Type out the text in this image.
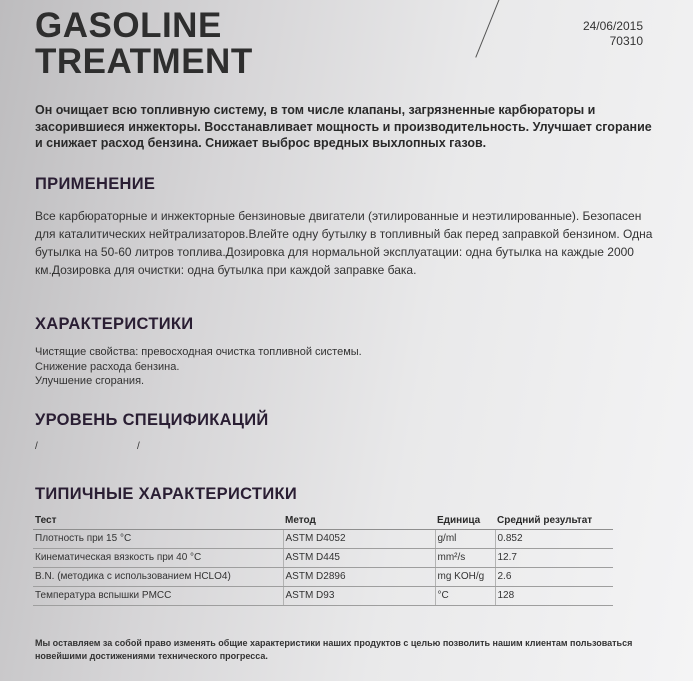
GASOLINE
TREATMENT
24/06/2015
70310

Он очищает всю топливную систему, в том числе клапаны, загрязненные карбюраторы и засорившиеся инжекторы. Восстанавливает мощность и производительность. Улучшает сгорание и снижает расход бензина. Снижает выброс вредных выхлопных газов.

ПРИМЕНЕНИЕ

Все карбюраторные и инжекторные бензиновые двигатели (этилированные и неэтилированные). Безопасен для каталитических нейтрализаторов.Влейте одну бутылку в топливный бак перед заправкой бензином. Одна бутылка на 50-60 литров топлива.Дозировка для нормальной эксплуатации: одна бутылка на каждые 2000 км.Дозировка для очистки: одна бутылка при каждой заправке бака.

ХАРАКТЕРИСТИКИ
Чистящие свойства: превосходная очистка топливной системы.
Снижение расхода бензина.
Улучшение сгорания.
УРОВЕНЬ СПЕЦИФИКАЦИЙ
/	/
ТИПИЧНЫЕ ХАРАКТЕРИСТИКИ
Тест	Метод	Единица	Средний результат
Плотность при 15 °C	ASTM D4052	g/ml	0.852
Кинематическая вязкость при 40 °C	ASTM D445	mm²/s	12.7
B.N. (методика с использованием HCLO4)	ASTM D2896	mg KOH/g	2.6
Температура вспышки PMCC	ASTM D93	°C	128

Мы оставляем за собой право изменять общие характеристики наших продуктов с целью позволить нашим клиентам пользоваться новейшими достижениями технического прогресса.
